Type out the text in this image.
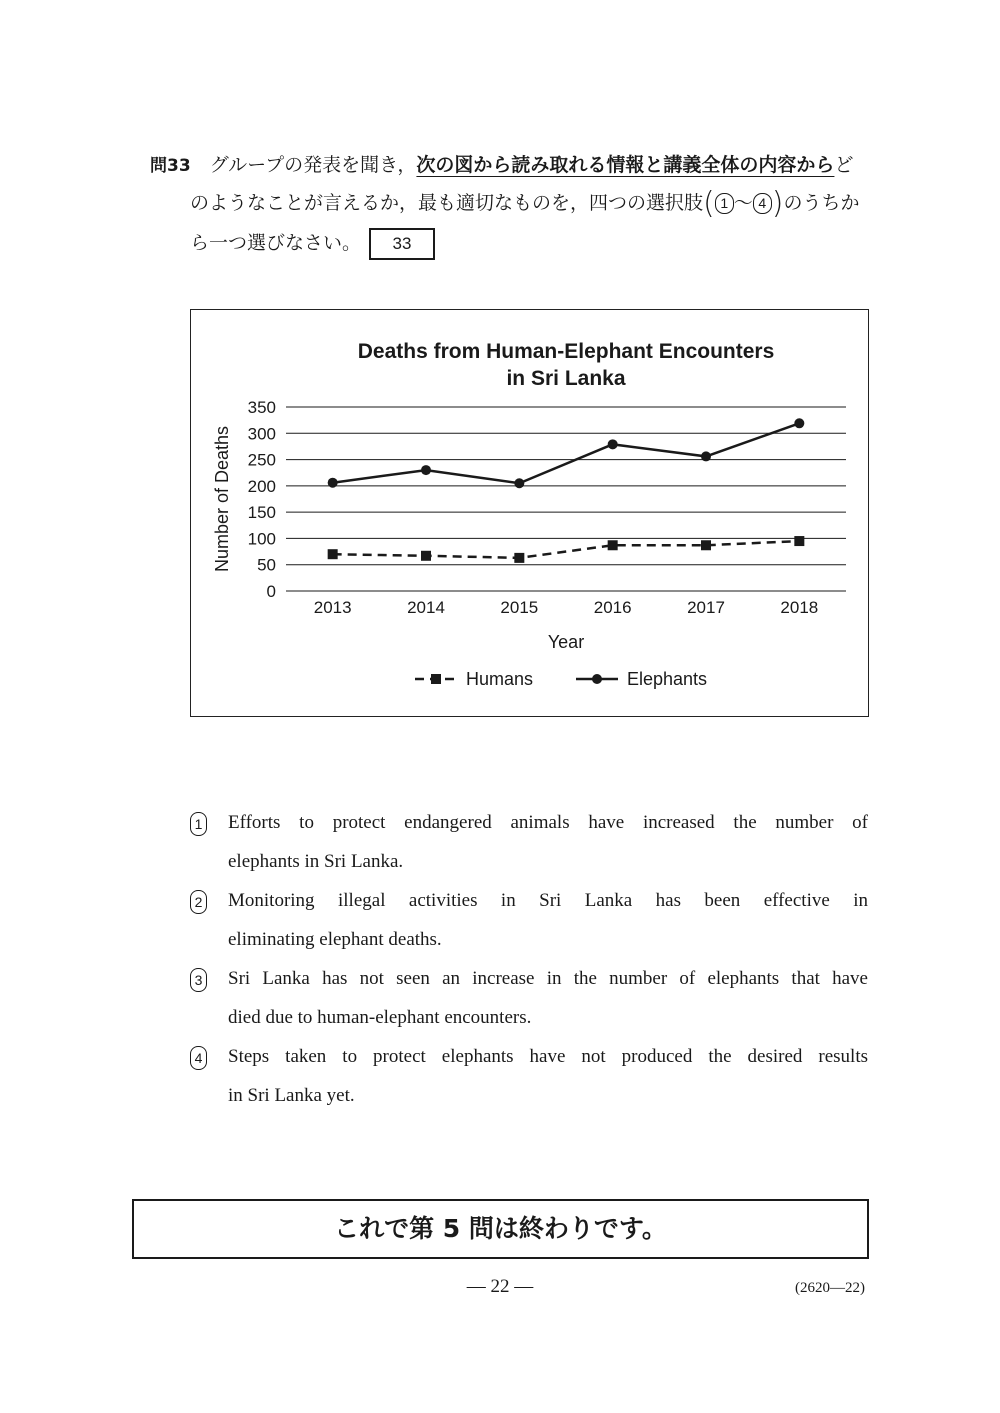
問33　 グループの発表を聞き，次の図から読み取れる情報と講義全体の内容からど
のようなことが言えるか，最も適切なものを，四つの選択肢( 1 ～ 4 )のうちか
ら一つ選びなさい。 33
Deaths from Human-Elephant Encounters
in Sri Lanka
0
50
100
150
200
250
300
350
2013	2014	2015	2016	2017	2018
Year
Number of Deaths
Humans	Elephants
1 Efforts to protect endangered animals have increased the number of
elephants in Sri Lanka.
2 Monitoring illegal activities in Sri Lanka has been effective in
eliminating elephant deaths.
3 Sri Lanka has not seen an increase in the number of elephants that have
died due to human-elephant encounters.
4 Steps taken to protect elephants have not produced the desired results
in Sri Lanka yet.
これで第 5 問は終わりです。
― 22 ―	(2620―22)
